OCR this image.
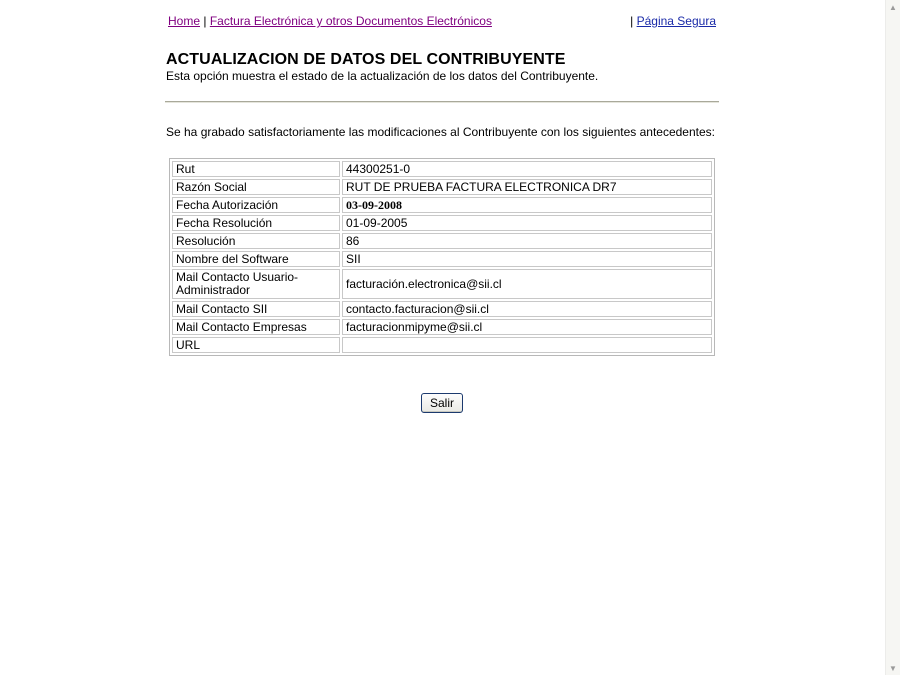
Home | Factura Electrónica y otros Documentos Electrónicos	| Página Segura
ACTUALIZACION DE DATOS DEL CONTRIBUYENTE

Esta opción muestra el estado de la actualización de los datos del Contribuyente.

Se ha grabado satisfactoriamente las modificaciones al Contribuyente con los siguientes antecedentes:

Rut	44300251-0
Razón Social	RUT DE PRUEBA FACTURA ELECTRONICA DR7
Fecha Autorización	03-09-2008
Fecha Resolución	01-09-2005
Resolución	86
Nombre del Software	SII
Mail Contacto Usuario-Administrador	facturación.electronica@sii.cl
Mail Contacto SII	contacto.facturacion@sii.cl
Mail Contacto Empresas	facturacionmipyme@sii.cl
URL	
Salir
▲
▼
